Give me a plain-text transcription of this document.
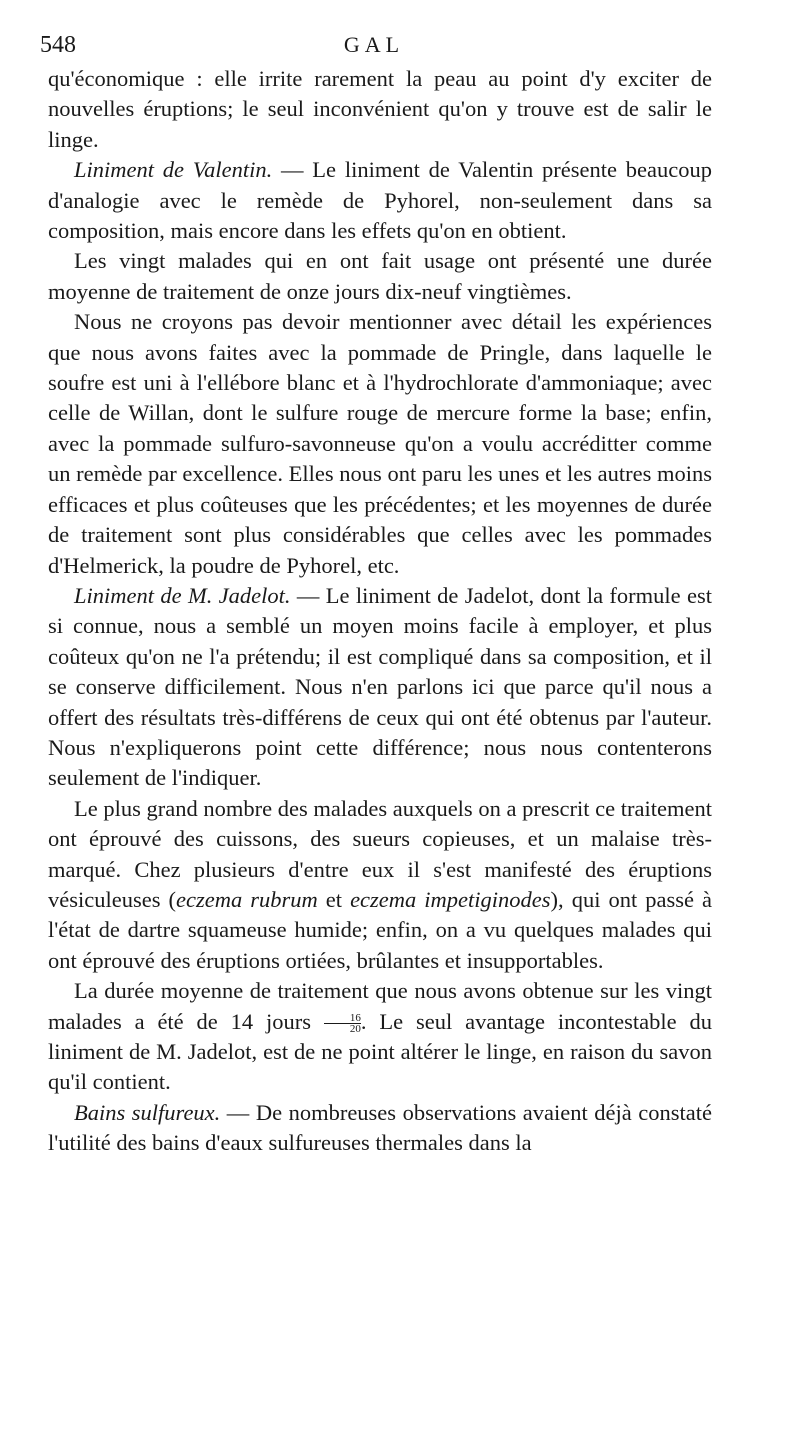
548	GAL

qu'économique : elle irrite rarement la peau au point d'y exciter de nouvelles éruptions; le seul inconvénient qu'on y trouve est de salir le linge.

Liniment de Valentin. — Le liniment de Valentin présente beaucoup d'analogie avec le remède de Pyhorel, non-seulement dans sa composition, mais encore dans les effets qu'on en obtient.

Les vingt malades qui en ont fait usage ont présenté une durée moyenne de traitement de onze jours dix-neuf vingtièmes.

Nous ne croyons pas devoir mentionner avec détail les expériences que nous avons faites avec la pommade de Pringle, dans laquelle le soufre est uni à l'ellébore blanc et à l'hydrochlorate d'ammoniaque; avec celle de Willan, dont le sulfure rouge de mercure forme la base; enfin, avec la pommade sulfuro-savonneuse qu'on a voulu accréditter comme un remède par excellence. Elles nous ont paru les unes et les autres moins efficaces et plus coûteuses que les précédentes; et les moyennes de durée de traitement sont plus considérables que celles avec les pommades d'Helmerick, la poudre de Pyhorel, etc.

Liniment de M. Jadelot. — Le liniment de Jadelot, dont la formule est si connue, nous a semblé un moyen moins facile à employer, et plus coûteux qu'on ne l'a prétendu; il est compliqué dans sa composition, et il se conserve difficilement. Nous n'en parlons ici que parce qu'il nous a offert des résultats très-différens de ceux qui ont été obtenus par l'auteur. Nous n'expliquerons point cette différence; nous nous contenterons seulement de l'indiquer.

Le plus grand nombre des malades auxquels on a prescrit ce traitement ont éprouvé des cuissons, des sueurs copieuses, et un malaise très-marqué. Chez plusieurs d'entre eux il s'est manifesté des éruptions vésiculeuses (eczema rubrum et eczema impetiginodes), qui ont passé à l'état de dartre squameuse humide; enfin, on a vu quelques malades qui ont éprouvé des éruptions ortiées, brûlantes et insupportables.

La durée moyenne de traitement que nous avons obtenue sur les vingt malades a été de 14 jours $\frac{16}{20}$ . Le seul avantage incontestable du liniment de M. Jadelot, est de ne point altérer le linge, en raison du savon qu'il contient.

Bains sulfureux. — De nombreuses observations avaient déjà constaté l'utilité des bains d'eaux sulfureuses thermales dans la
